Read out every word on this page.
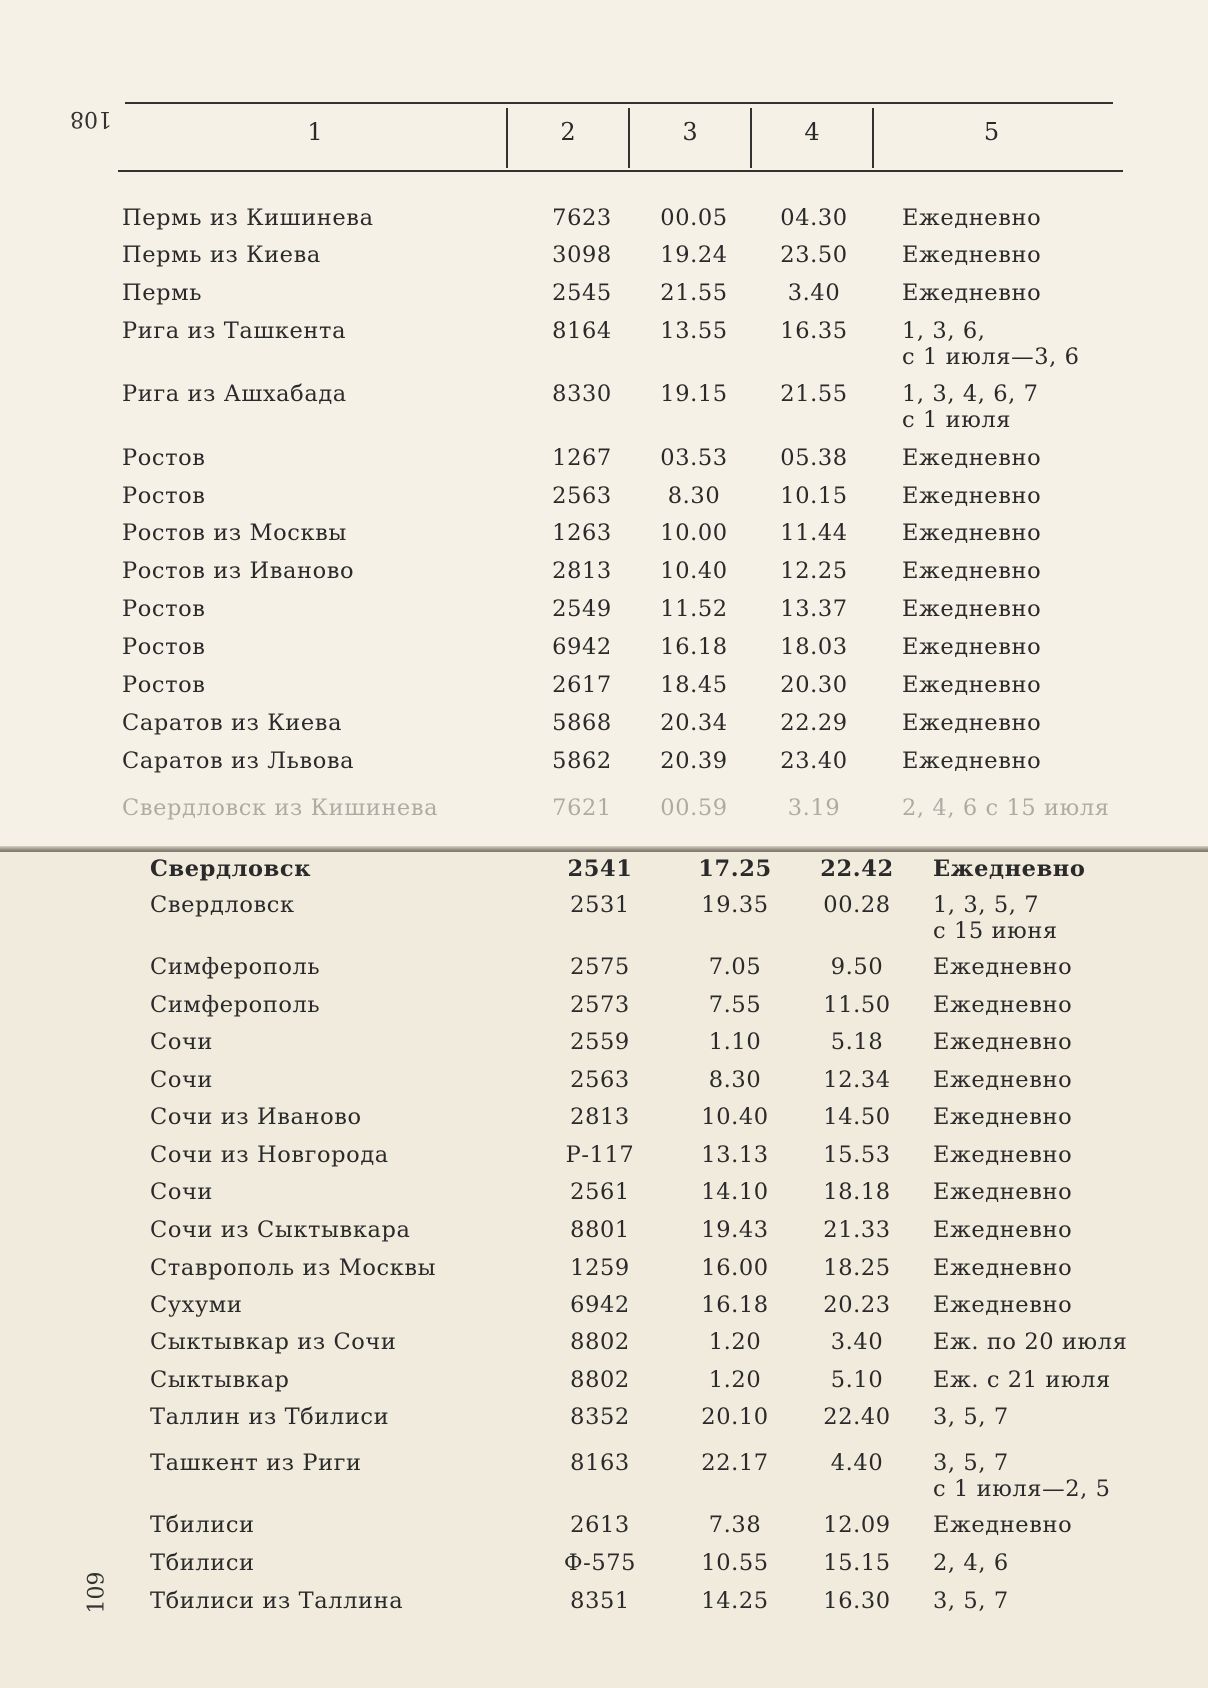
108	1	2	3	4	5
Пермь из Кишинева	7623	00.05	04.30	Ежедневно
Пермь из Киева	3098	19.24	23.50	Ежедневно
Пермь	2545	21.55	3.40	Ежедневно
Рига из Ташкента	8164	13.55	16.35	1, 3, 6,
с 1 июля—3, 6
Рига из Ашхабада	8330	19.15	21.55	1, 3, 4, 6, 7
с 1 июля
Ростов	1267	03.53	05.38	Ежедневно
Ростов	2563	8.30	10.15	Ежедневно
Ростов из Москвы	1263	10.00	11.44	Ежедневно
Ростов из Иваново	2813	10.40	12.25	Ежедневно
Ростов	2549	11.52	13.37	Ежедневно
Ростов	6942	16.18	18.03	Ежедневно
Ростов	2617	18.45	20.30	Ежедневно
Саратов из Киева	5868	20.34	22.29	Ежедневно
Саратов из Львова	5862	20.39	23.40	Ежедневно
Свердловск из Кишинева	7621	00.59	3.19	2, 4, 6 с 15 июля
109
Свердловск	2541	17.25	22.42	Ежедневно
Свердловск	2531	19.35	00.28	1, 3, 5, 7
с 15 июня
Симферополь	2575	7.05	9.50	Ежедневно
Симферополь	2573	7.55	11.50	Ежедневно
Сочи	2559	1.10	5.18	Ежедневно
Сочи	2563	8.30	12.34	Ежедневно
Сочи из Иваново	2813	10.40	14.50	Ежедневно
Сочи из Новгорода	Р-117	13.13	15.53	Ежедневно
Сочи	2561	14.10	18.18	Ежедневно
Сочи из Сыктывкара	8801	19.43	21.33	Ежедневно
Ставрополь из Москвы	1259	16.00	18.25	Ежедневно
Сухуми	6942	16.18	20.23	Ежедневно
Сыктывкар из Сочи	8802	1.20	3.40	Еж. по 20 июля
Сыктывкар	8802	1.20	5.10	Еж. с 21 июля
Таллин из Тбилиси	8352	20.10	22.40	3, 5, 7
Ташкент из Риги	8163	22.17	4.40	3, 5, 7
с 1 июля—2, 5
Тбилиси	2613	7.38	12.09	Ежедневно
Тбилиси	Ф-575	10.55	15.15	2, 4, 6
Тбилиси из Таллина	8351	14.25	16.30	3, 5, 7
